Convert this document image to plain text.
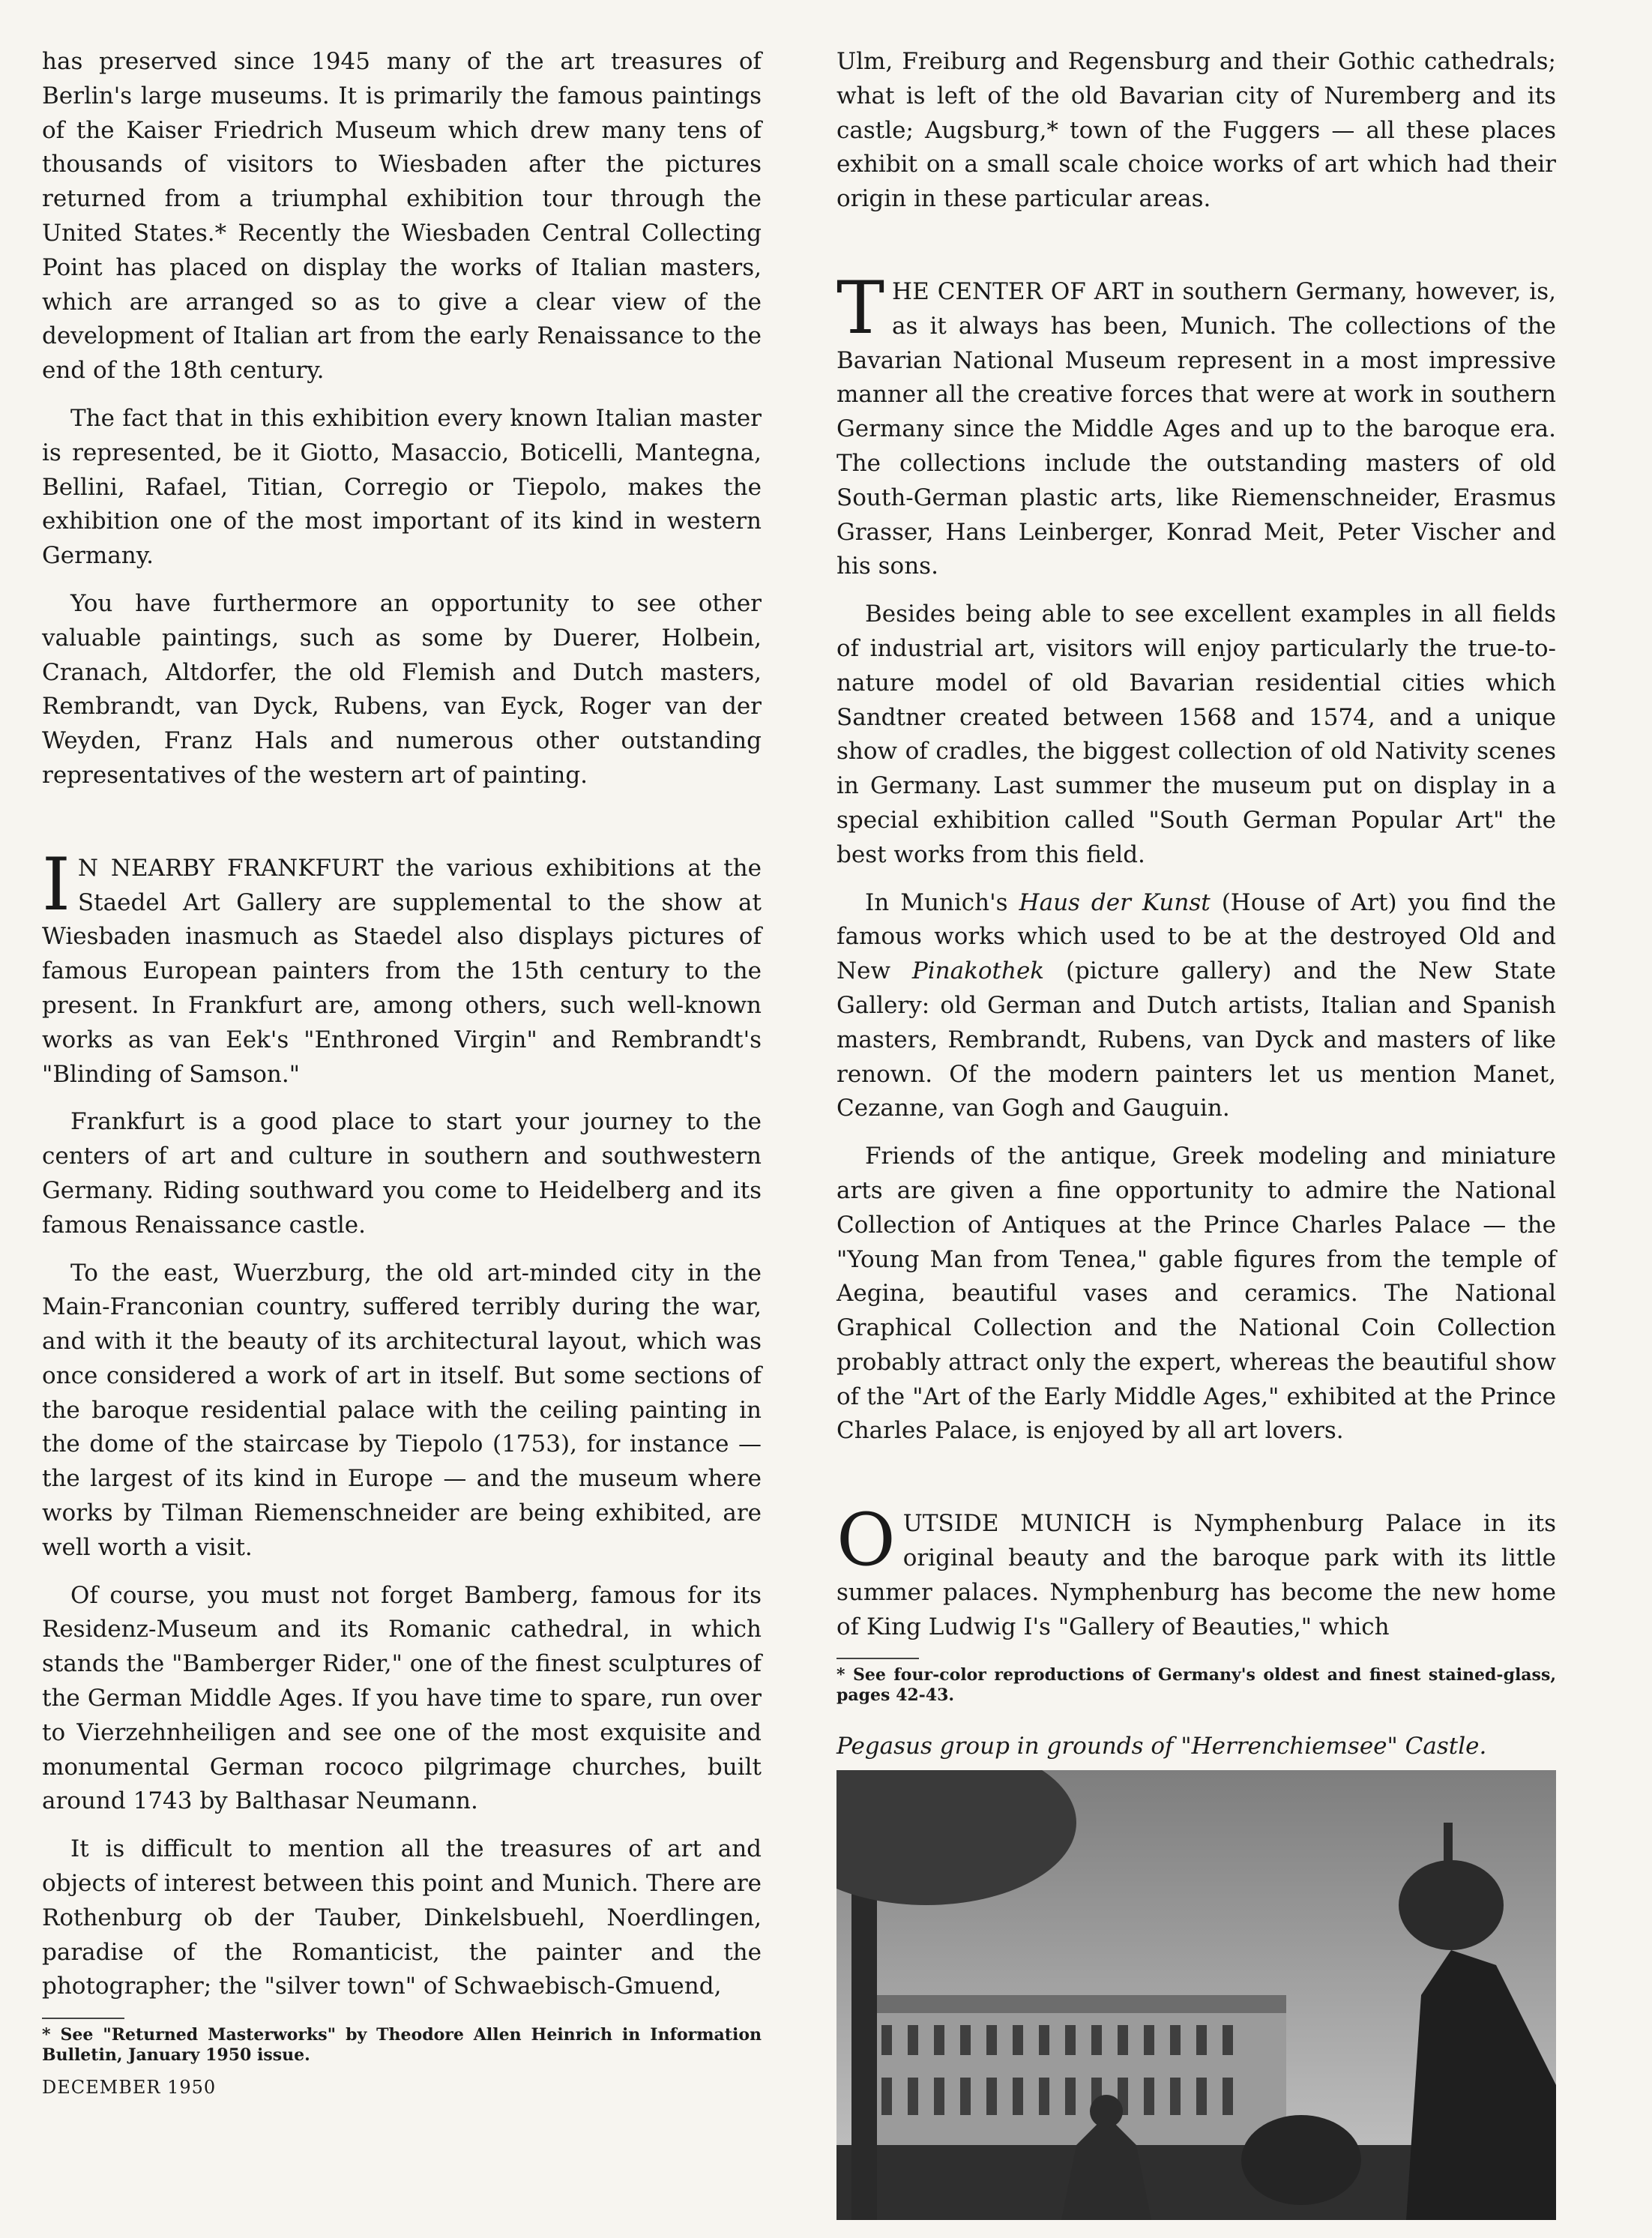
has preserved since 1945 many of the art treasures of Berlin's large museums. It is primarily the famous paintings of the Kaiser Friedrich Museum which drew many tens of thousands of visitors to Wiesbaden after the pictures returned from a triumphal exhibition tour through the United States.* Recently the Wiesbaden Central Collecting Point has placed on display the works of Italian masters, which are arranged so as to give a clear view of the development of Italian art from the early Renaissance to the end of the 18th century.

The fact that in this exhibition every known Italian master is represented, be it Giotto, Masaccio, Boticelli, Mantegna, Bellini, Rafael, Titian, Corregio or Tiepolo, makes the exhibition one of the most important of its kind in western Germany.

You have furthermore an opportunity to see other valuable paintings, such as some by Duerer, Holbein, Cranach, Altdorfer, the old Flemish and Dutch masters, Rembrandt, van Dyck, Rubens, van Eyck, Roger van der Weyden, Franz Hals and numerous other outstanding representatives of the western art of painting.

I N NEARBY FRANKFURT the various exhibitions at the Staedel Art Gallery are supplemental to the show at Wiesbaden inasmuch as Staedel also displays pictures of famous European painters from the 15th century to the present. In Frankfurt are, among others, such well-known works as van Eek's "Enthroned Virgin" and Rembrandt's "Blinding of Samson."

Frankfurt is a good place to start your journey to the centers of art and culture in southern and southwestern Germany. Riding southward you come to Heidelberg and its famous Renaissance castle.

To the east, Wuerzburg, the old art-minded city in the Main-Franconian country, suffered terribly during the war, and with it the beauty of its architectural layout, which was once considered a work of art in itself. But some sections of the baroque residential palace with the ceiling painting in the dome of the staircase by Tiepolo (1753), for instance — the largest of its kind in Europe — and the museum where works by Tilman Riemenschneider are being exhibited, are well worth a visit.

Of course, you must not forget Bamberg, famous for its Residenz-Museum and its Romanic cathedral, in which stands the "Bamberger Rider," one of the finest sculptures of the German Middle Ages. If you have time to spare, run over to Vierzehnheiligen and see one of the most exquisite and monumental German rococo pilgrimage churches, built around 1743 by Balthasar Neumann.

It is difficult to mention all the treasures of art and objects of interest between this point and Munich. There are Rothenburg ob der Tauber, Dinkelsbuehl, Noerdlingen, paradise of the Romanticist, the painter and the photographer; the "silver town" of Schwaebisch-Gmuend,

* See "Returned Masterworks" by Theodore Allen Heinrich in Information Bulletin, January 1950 issue.

DECEMBER 1950

Ulm, Freiburg and Regensburg and their Gothic cathedrals; what is left of the old Bavarian city of Nuremberg and its castle; Augsburg,* town of the Fuggers — all these places exhibit on a small scale choice works of art which had their origin in these particular areas.

THE CENTER OF ART in southern Germany, however, is, as it always has been, Munich. The collections of the Bavarian National Museum represent in a most impressive manner all the creative forces that were at work in southern Germany since the Middle Ages and up to the baroque era. The collections include the outstanding masters of old South-German plastic arts, like Riemenschneider, Erasmus Grasser, Hans Leinberger, Konrad Meit, Peter Vischer and his sons.

Besides being able to see excellent examples in all fields of industrial art, visitors will enjoy particularly the true-to-nature model of old Bavarian residential cities which Sandtner created between 1568 and 1574, and a unique show of cradles, the biggest collection of old Nativity scenes in Germany. Last summer the museum put on display in a special exhibition called "South German Popular Art" the best works from this field.

In Munich's Haus der Kunst (House of Art) you find the famous works which used to be at the destroyed Old and New Pinakothek (picture gallery) and the New State Gallery: old German and Dutch artists, Italian and Spanish masters, Rembrandt, Rubens, van Dyck and masters of like renown. Of the modern painters let us mention Manet, Cezanne, van Gogh and Gauguin.

Friends of the antique, Greek modeling and miniature arts are given a fine opportunity to admire the National Collection of Antiques at the Prince Charles Palace — the "Young Man from Tenea," gable figures from the temple of Aegina, beautiful vases and ceramics. The National Graphical Collection and the National Coin Collection probably attract only the expert, whereas the beautiful show of the "Art of the Early Middle Ages," exhibited at the Prince Charles Palace, is enjoyed by all art lovers.

OUTSIDE MUNICH is Nymphenburg Palace in its original beauty and the baroque park with its little summer palaces. Nymphenburg has become the new home of King Ludwig I's "Gallery of Beauties," which

* See four-color reproductions of Germany's oldest and finest stained-glass, pages 42-43.

Pegasus group in grounds of "Herrenchiemsee" Castle.
